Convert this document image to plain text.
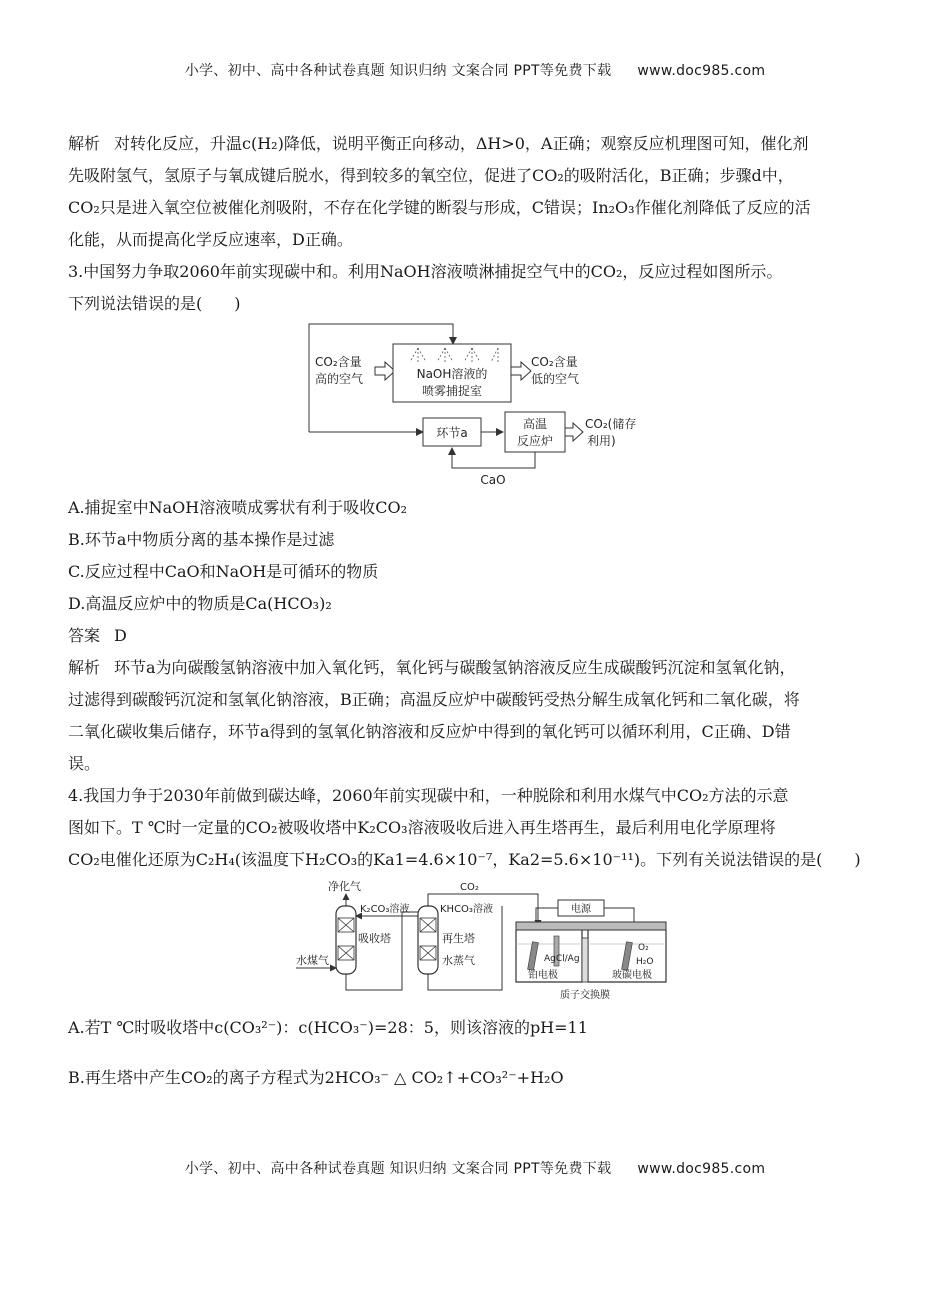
小学、初中、高中各种试卷真题 知识归纳 文案合同 PPT等免费下载 www.doc985.com

解析 对转化反应，升温c(H₂)降低，说明平衡正向移动，ΔH>0，A正确；观察反应机理图可知，催化剂

先吸附氢气，氢原子与氧成键后脱水，得到较多的氧空位，促进了CO₂的吸附活化，B正确；步骤d中，

CO₂只是进入氧空位被催化剂吸附，不存在化学键的断裂与形成，C错误；In₂O₃作催化剂降低了反应的活

化能，从而提高化学反应速率，D正确。

3.中国努力争取2060年前实现碳中和。利用NaOH溶液喷淋捕捉空气中的CO₂，反应过程如图所示。

下列说法错误的是(　　)

CO₂含量
高的空气	NaOH溶液的
喷雾捕捉室
CO₂含量
低的空气
环节a
高温
反应炉
CO₂(储存
利用)
CaO

A.捕捉室中NaOH溶液喷成雾状有利于吸收CO₂

B.环节a中物质分离的基本操作是过滤

C.反应过程中CaO和NaOH是可循环的物质

D.高温反应炉中的物质是Ca(HCO₃)₂

答案 D

解析 环节a为向碳酸氢钠溶液中加入氧化钙，氧化钙与碳酸氢钠溶液反应生成碳酸钙沉淀和氢氧化钠，

过滤得到碳酸钙沉淀和氢氧化钠溶液，B正确；高温反应炉中碳酸钙受热分解生成氧化钙和二氧化碳，将

二氧化碳收集后储存，环节a得到的氢氧化钠溶液和反应炉中得到的氧化钙可以循环利用，C正确、D错

误。

4.我国力争于2030年前做到碳达峰，2060年前实现碳中和，一种脱除和利用水煤气中CO₂方法的示意

图如下。T ℃时一定量的CO₂被吸收塔中K₂CO₃溶液吸收后进入再生塔再生，最后利用电化学原理将

CO₂电催化还原为C₂H₄(该温度下H₂CO₃的Ka1=4.6×10⁻⁷，Ka2=5.6×10⁻¹¹)。下列有关说法错误的是(　　)

净化气
吸收塔
水煤气
K₂CO₃溶液
再生塔
水蒸气
KHCO₃溶液
CO₂
电源
AgCl/Ag
O₂
H₂O
铂电极	玻碳电极
质子交换膜

A.若T ℃时吸收塔中c(CO₃²⁻)：c(HCO₃⁻)=28：5，则该溶液的pH=11

B.再生塔中产生CO₂的离子方程式为2HCO₃⁻ △ CO₂↑+CO₃²⁻+H₂O

小学、初中、高中各种试卷真题 知识归纳 文案合同 PPT等免费下载 www.doc985.com
